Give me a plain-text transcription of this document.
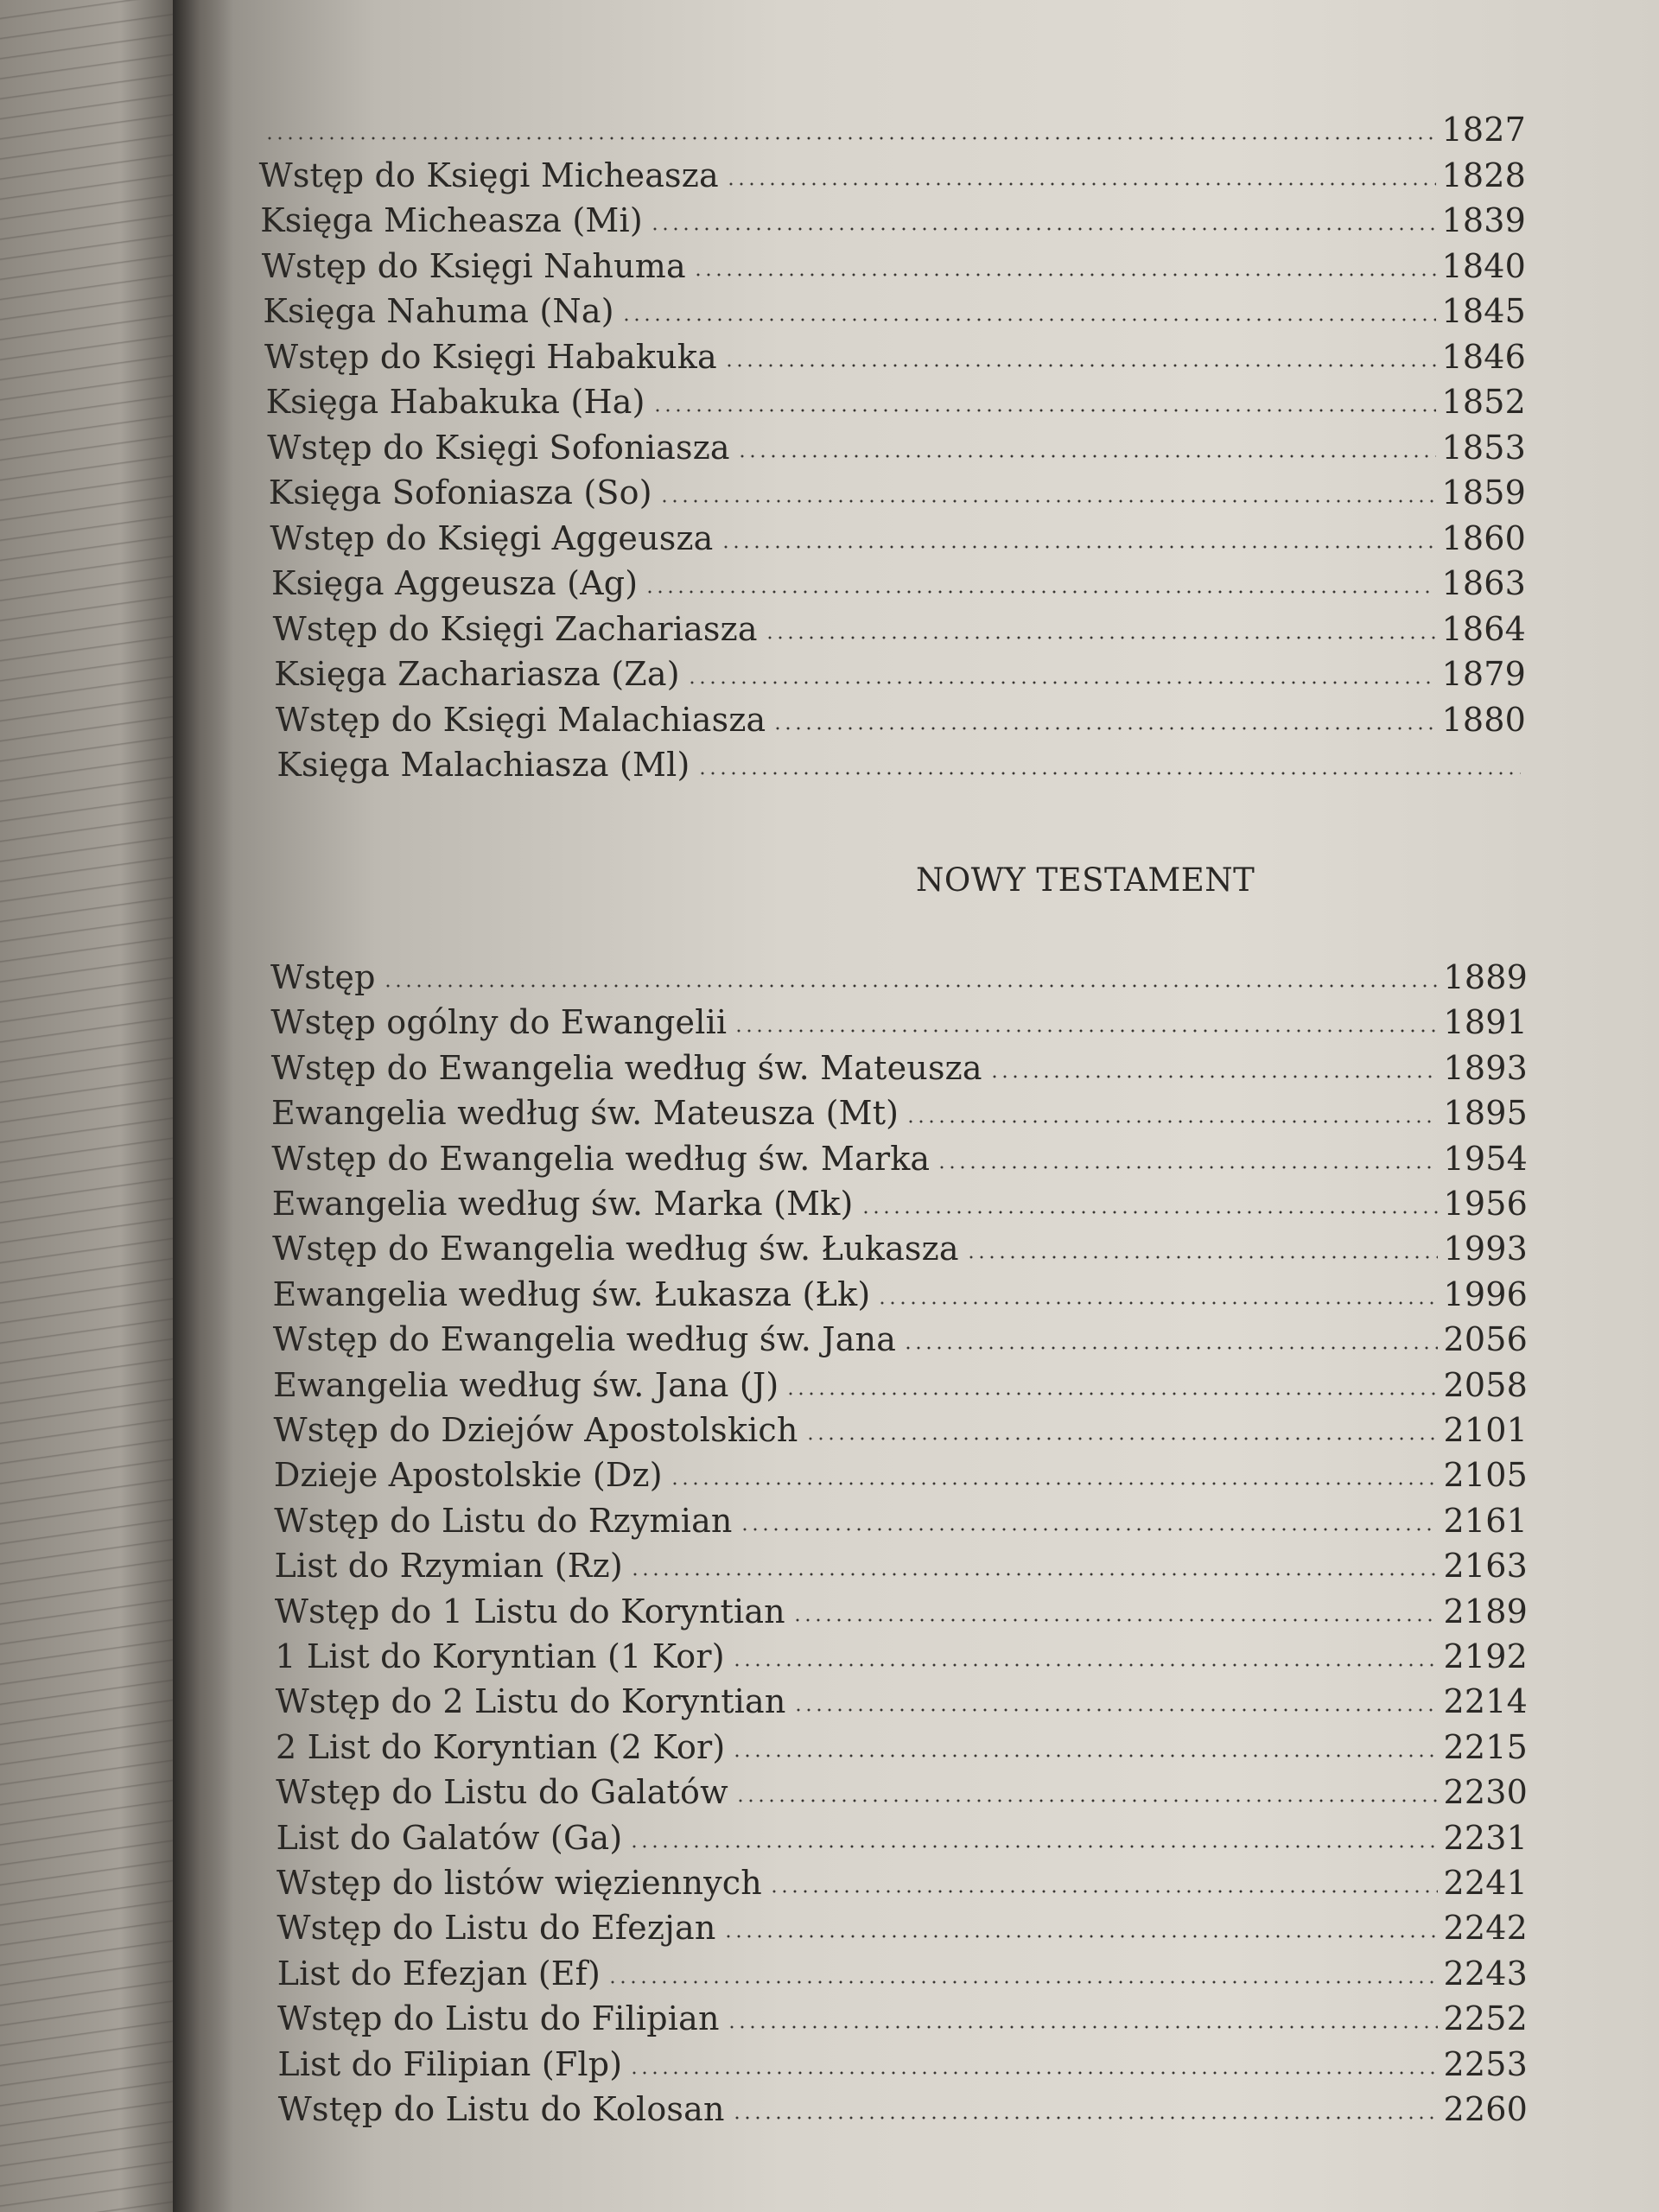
1827
Wstęp do Księgi Micheasza	1828
Księga Micheasza (Mi)	1839
Wstęp do Księgi Nahuma	1840
Księga Nahuma (Na)	1845
Wstęp do Księgi Habakuka	1846
Księga Habakuka (Ha)	1852
Wstęp do Księgi Sofoniasza	1853
Księga Sofoniasza (So)	1859
Wstęp do Księgi Aggeusza	1860
Księga Aggeusza (Ag)	1863
Wstęp do Księgi Zachariasza	1864
Księga Zachariasza (Za)	1879
Wstęp do Księgi Malachiasza	1880
Księga Malachiasza (Ml)
NOWY TESTAMENT
Wstęp	1889
Wstęp ogólny do Ewangelii	1891
Wstęp do Ewangelia według św. Mateusza	1893
Ewangelia według św. Mateusza (Mt)	1895
Wstęp do Ewangelia według św. Marka	1954
Ewangelia według św. Marka (Mk)	1956
Wstęp do Ewangelia według św. Łukasza	1993
Ewangelia według św. Łukasza (Łk)	1996
Wstęp do Ewangelia według św. Jana	2056
Ewangelia według św. Jana (J)	2058
Wstęp do Dziejów Apostolskich	2101
Dzieje Apostolskie (Dz)	2105
Wstęp do Listu do Rzymian	2161
List do Rzymian (Rz)	2163
Wstęp do 1 Listu do Koryntian	2189
1 List do Koryntian (1 Kor)	2192
Wstęp do 2 Listu do Koryntian	2214
2 List do Koryntian (2 Kor)	2215
Wstęp do Listu do Galatów	2230
List do Galatów (Ga)	2231
Wstęp do listów więziennych	2241
Wstęp do Listu do Efezjan	2242
List do Efezjan (Ef)	2243
Wstęp do Listu do Filipian	2252
List do Filipian (Flp)	2253
Wstęp do Listu do Kolosan	2260
